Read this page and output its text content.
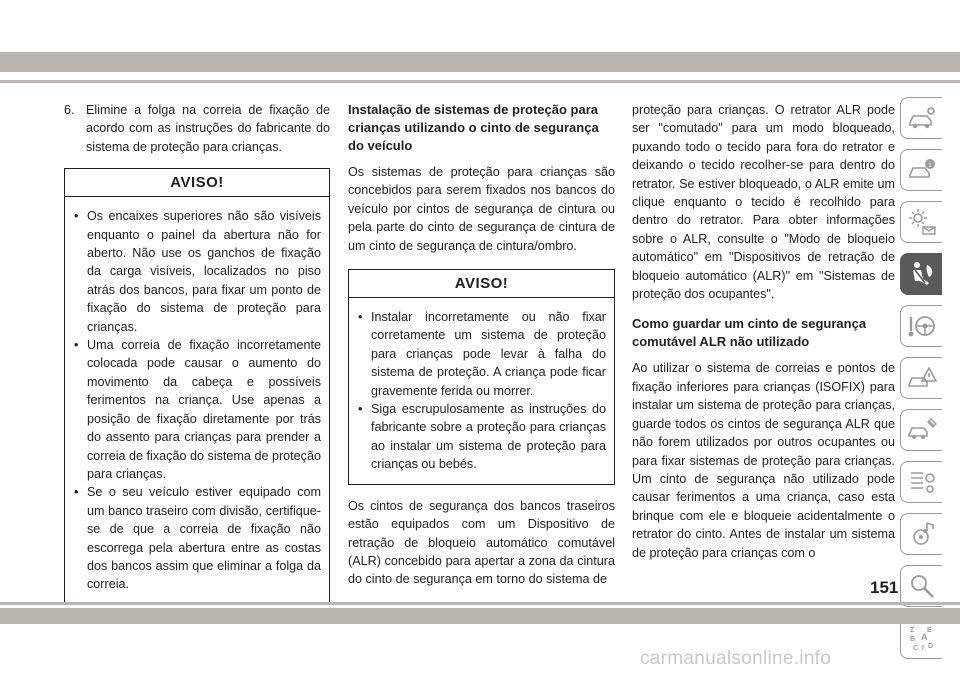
6. Elimine a folga na correia de fixação de acordo com as instruções do fabricante do sistema de proteção para crianças.
AVISO!
• Os encaixes superiores não são visíveis enquanto o painel da abertura não for aberto. Não use os ganchos de fixação da carga visíveis, localizados no piso atrás dos bancos, para fixar um ponto de fixação do sistema de proteção para crianças.
• Uma correia de fixação incorretamente colocada pode causar o aumento do movimento da cabeça e possíveis ferimentos na criança. Use apenas a posição de fixação diretamente por trás do assento para crianças para prender a correia de fixação do sistema de proteção para crianças.
• Se o seu veículo estiver equipado com um banco traseiro com divisão, certifique-se de que a correia de fixação não escorrega pela abertura entre as costas dos bancos assim que eliminar a folga da correia.
Instalação de sistemas de proteção para crianças utilizando o cinto de segurança do veículo

Os sistemas de proteção para crianças são concebidos para serem fixados nos bancos do veículo por cintos de segurança de cintura ou pela parte do cinto de segurança de cintura de um cinto de segurança de cintura/ombro.

AVISO!
• Instalar incorretamente ou não fixar corretamente um sistema de proteção para crianças pode levar à falha do sistema de proteção. A criança pode ficar gravemente ferida ou morrer.
• Siga escrupulosamente as instruções do fabricante sobre a proteção para crianças ao instalar um sistema de proteção para crianças ou bebés.

Os cintos de segurança dos bancos traseiros estão equipados com um Dispositivo de retração de bloqueio automático comutável (ALR) concebido para apertar a zona da cintura do cinto de segurança em torno do sistema de

proteção para crianças. O retrator ALR pode ser "comutado" para um modo bloqueado, puxando todo o tecido para fora do retrator e deixando o tecido recolher-se para dentro do retrator. Se estiver bloqueado, o ALR emite um clique enquanto o tecido é recolhido para dentro do retrator. Para obter informações sobre o ALR, consulte o "Modo de bloqueio automático" em "Dispositivos de retração de bloqueio automático (ALR)" em "Sistemas de proteção dos ocupantes".

Como guardar um cinto de segurança comutável ALR não utilizado

Ao utilizar o sistema de correias e pontos de fixação inferiores para crianças (ISOFIX) para instalar um sistema de proteção para crianças, guarde todos os cintos de segurança ALR que não forem utilizados por outros ocupantes ou para fixar sistemas de proteção para crianças. Um cinto de segurança não utilizado pode causar ferimentos a uma criança, caso esta brinque com ele e bloqueie acidentalmente o retrator do cinto. Antes de instalar um sistema de proteção para crianças com o

i
Z E
A
B
C T D
151
carmanualsonline.info
